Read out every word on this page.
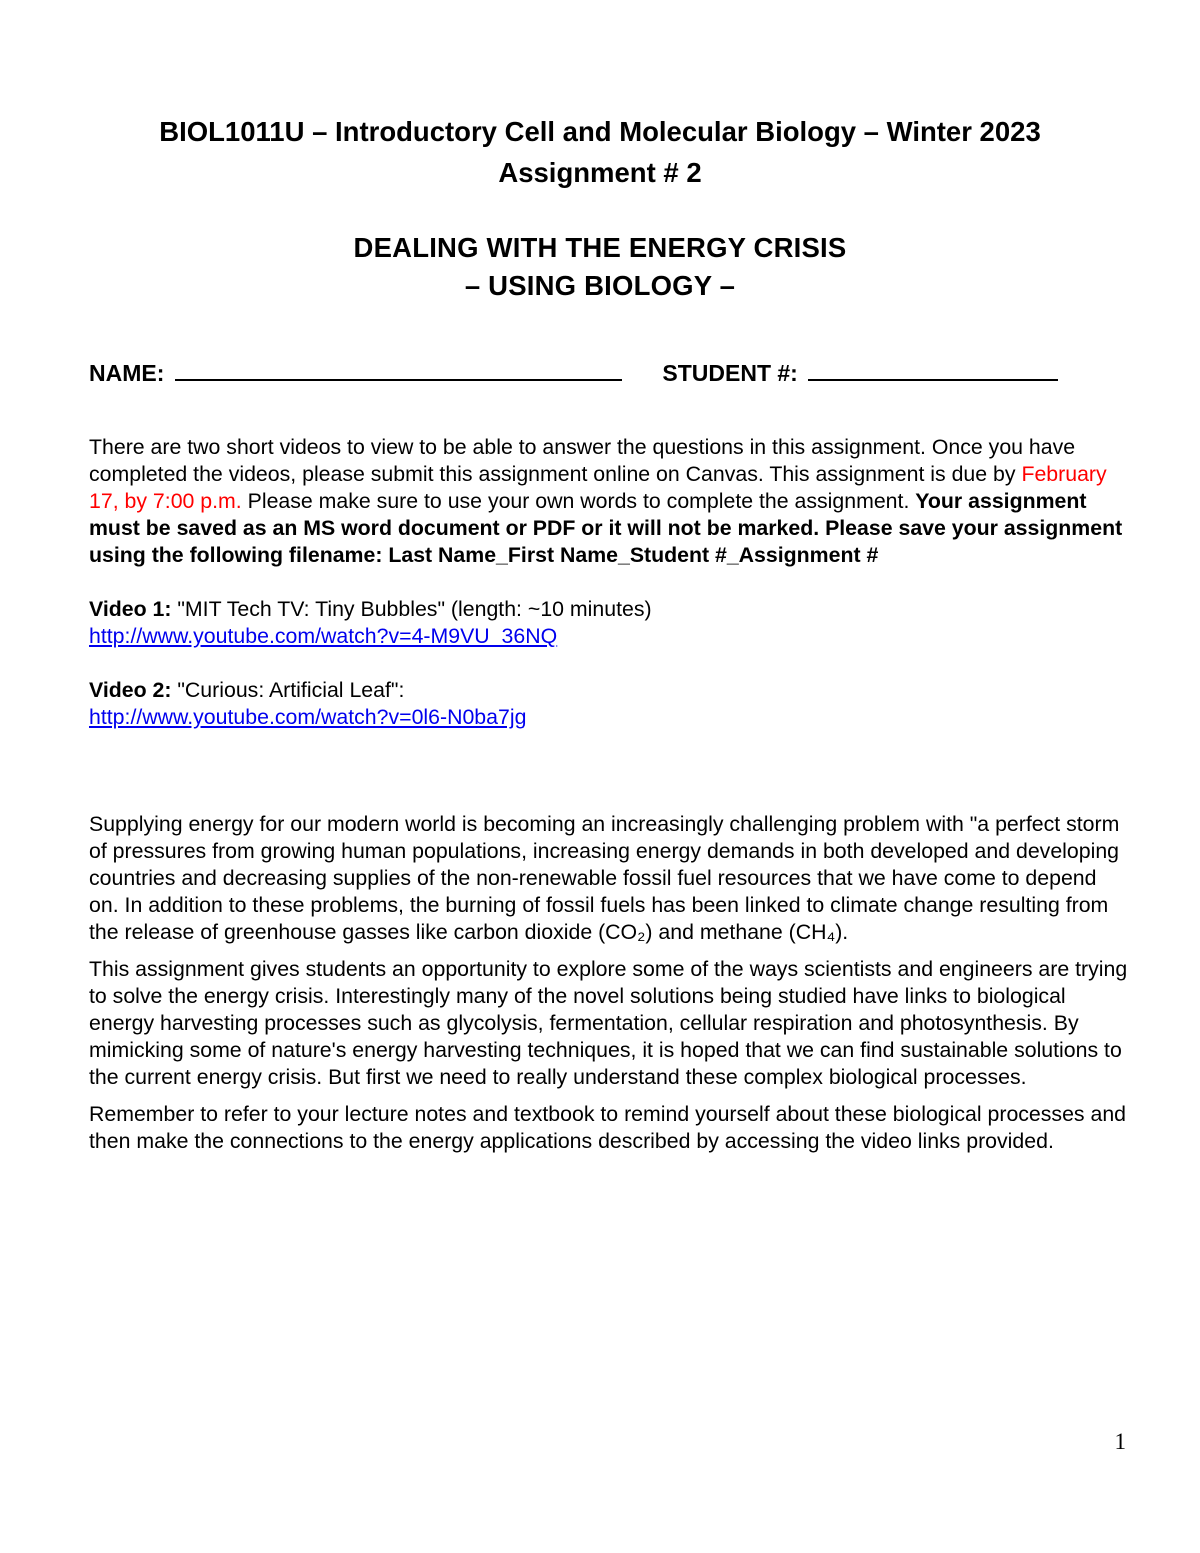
BIOL1011U – Introductory Cell and Molecular Biology – Winter 2023
Assignment # 2
DEALING WITH THE ENERGY CRISIS
– USING BIOLOGY –
NAME:	STUDENT #:

There are two short videos to view to be able to answer the questions in this assignment. Once you have completed the videos, please submit this assignment online on Canvas. This assignment is due by February 17, by 7:00 p.m. Please make sure to use your own words to complete the assignment. Your assignment must be saved as an MS word document or PDF or it will not be marked. Please save your assignment using the following filename: Last Name_First Name_Student #_Assignment #

Video 1: "MIT Tech TV: Tiny Bubbles" (length: ~10 minutes)

http://www.youtube.com/watch?v=4-M9VU_36NQ

Video 2: "Curious: Artificial Leaf":

http://www.youtube.com/watch?v=0l6-N0ba7jg

Supplying energy for our modern world is becoming an increasingly challenging problem with "a perfect storm of pressures from growing human populations, increasing energy demands in both developed and developing countries and decreasing supplies of the non-renewable fossil fuel resources that we have come to depend on. In addition to these problems, the burning of fossil fuels has been linked to climate change resulting from the release of greenhouse gasses like carbon dioxide (CO₂) and methane (CH₄).

This assignment gives students an opportunity to explore some of the ways scientists and engineers are trying to solve the energy crisis. Interestingly many of the novel solutions being studied have links to biological energy harvesting processes such as glycolysis, fermentation, cellular respiration and photosynthesis. By mimicking some of nature's energy harvesting techniques, it is hoped that we can find sustainable solutions to the current energy crisis. But first we need to really understand these complex biological processes.

Remember to refer to your lecture notes and textbook to remind yourself about these biological processes and then make the connections to the energy applications described by accessing the video links provided.

1
